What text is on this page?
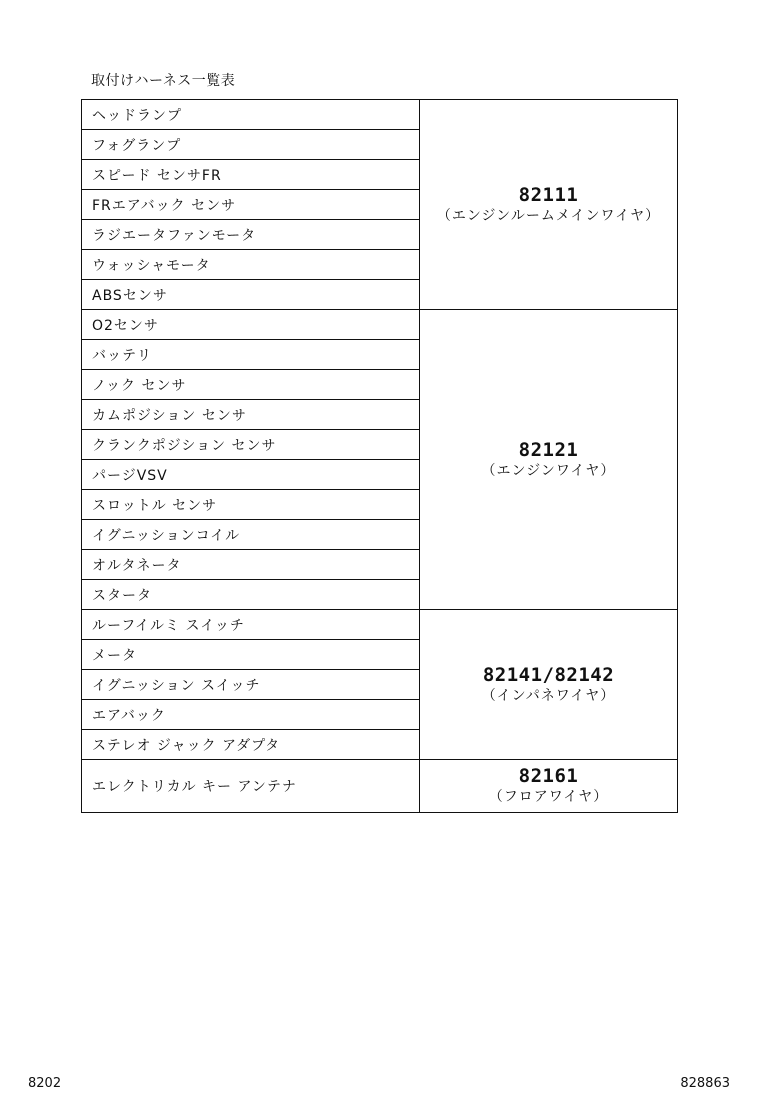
取付けハーネス一覧表
ヘッドランプ	82111
（エンジンルームメインワイヤ）

フォグランプ	
スピード センサFR	
FRエアバック センサ	
ラジエータファンモータ	
ウォッシャモータ	
ABSセンサ	
O2センサ	82121
（エンジンワイヤ）

バッテリ	
ノック センサ	
カムポジション センサ	
クランクポジション センサ	
パージVSV	
スロットル センサ	
イグニッションコイル	
オルタネータ	
スタータ	
ルーフイルミ スイッチ	82141/82142
（インパネワイヤ）

メータ	
イグニッション スイッチ	
エアバック	
ステレオ ジャック アダプタ	
エレクトリカル キー アンテナ	82161
（フロアワイヤ）
8202	828863
